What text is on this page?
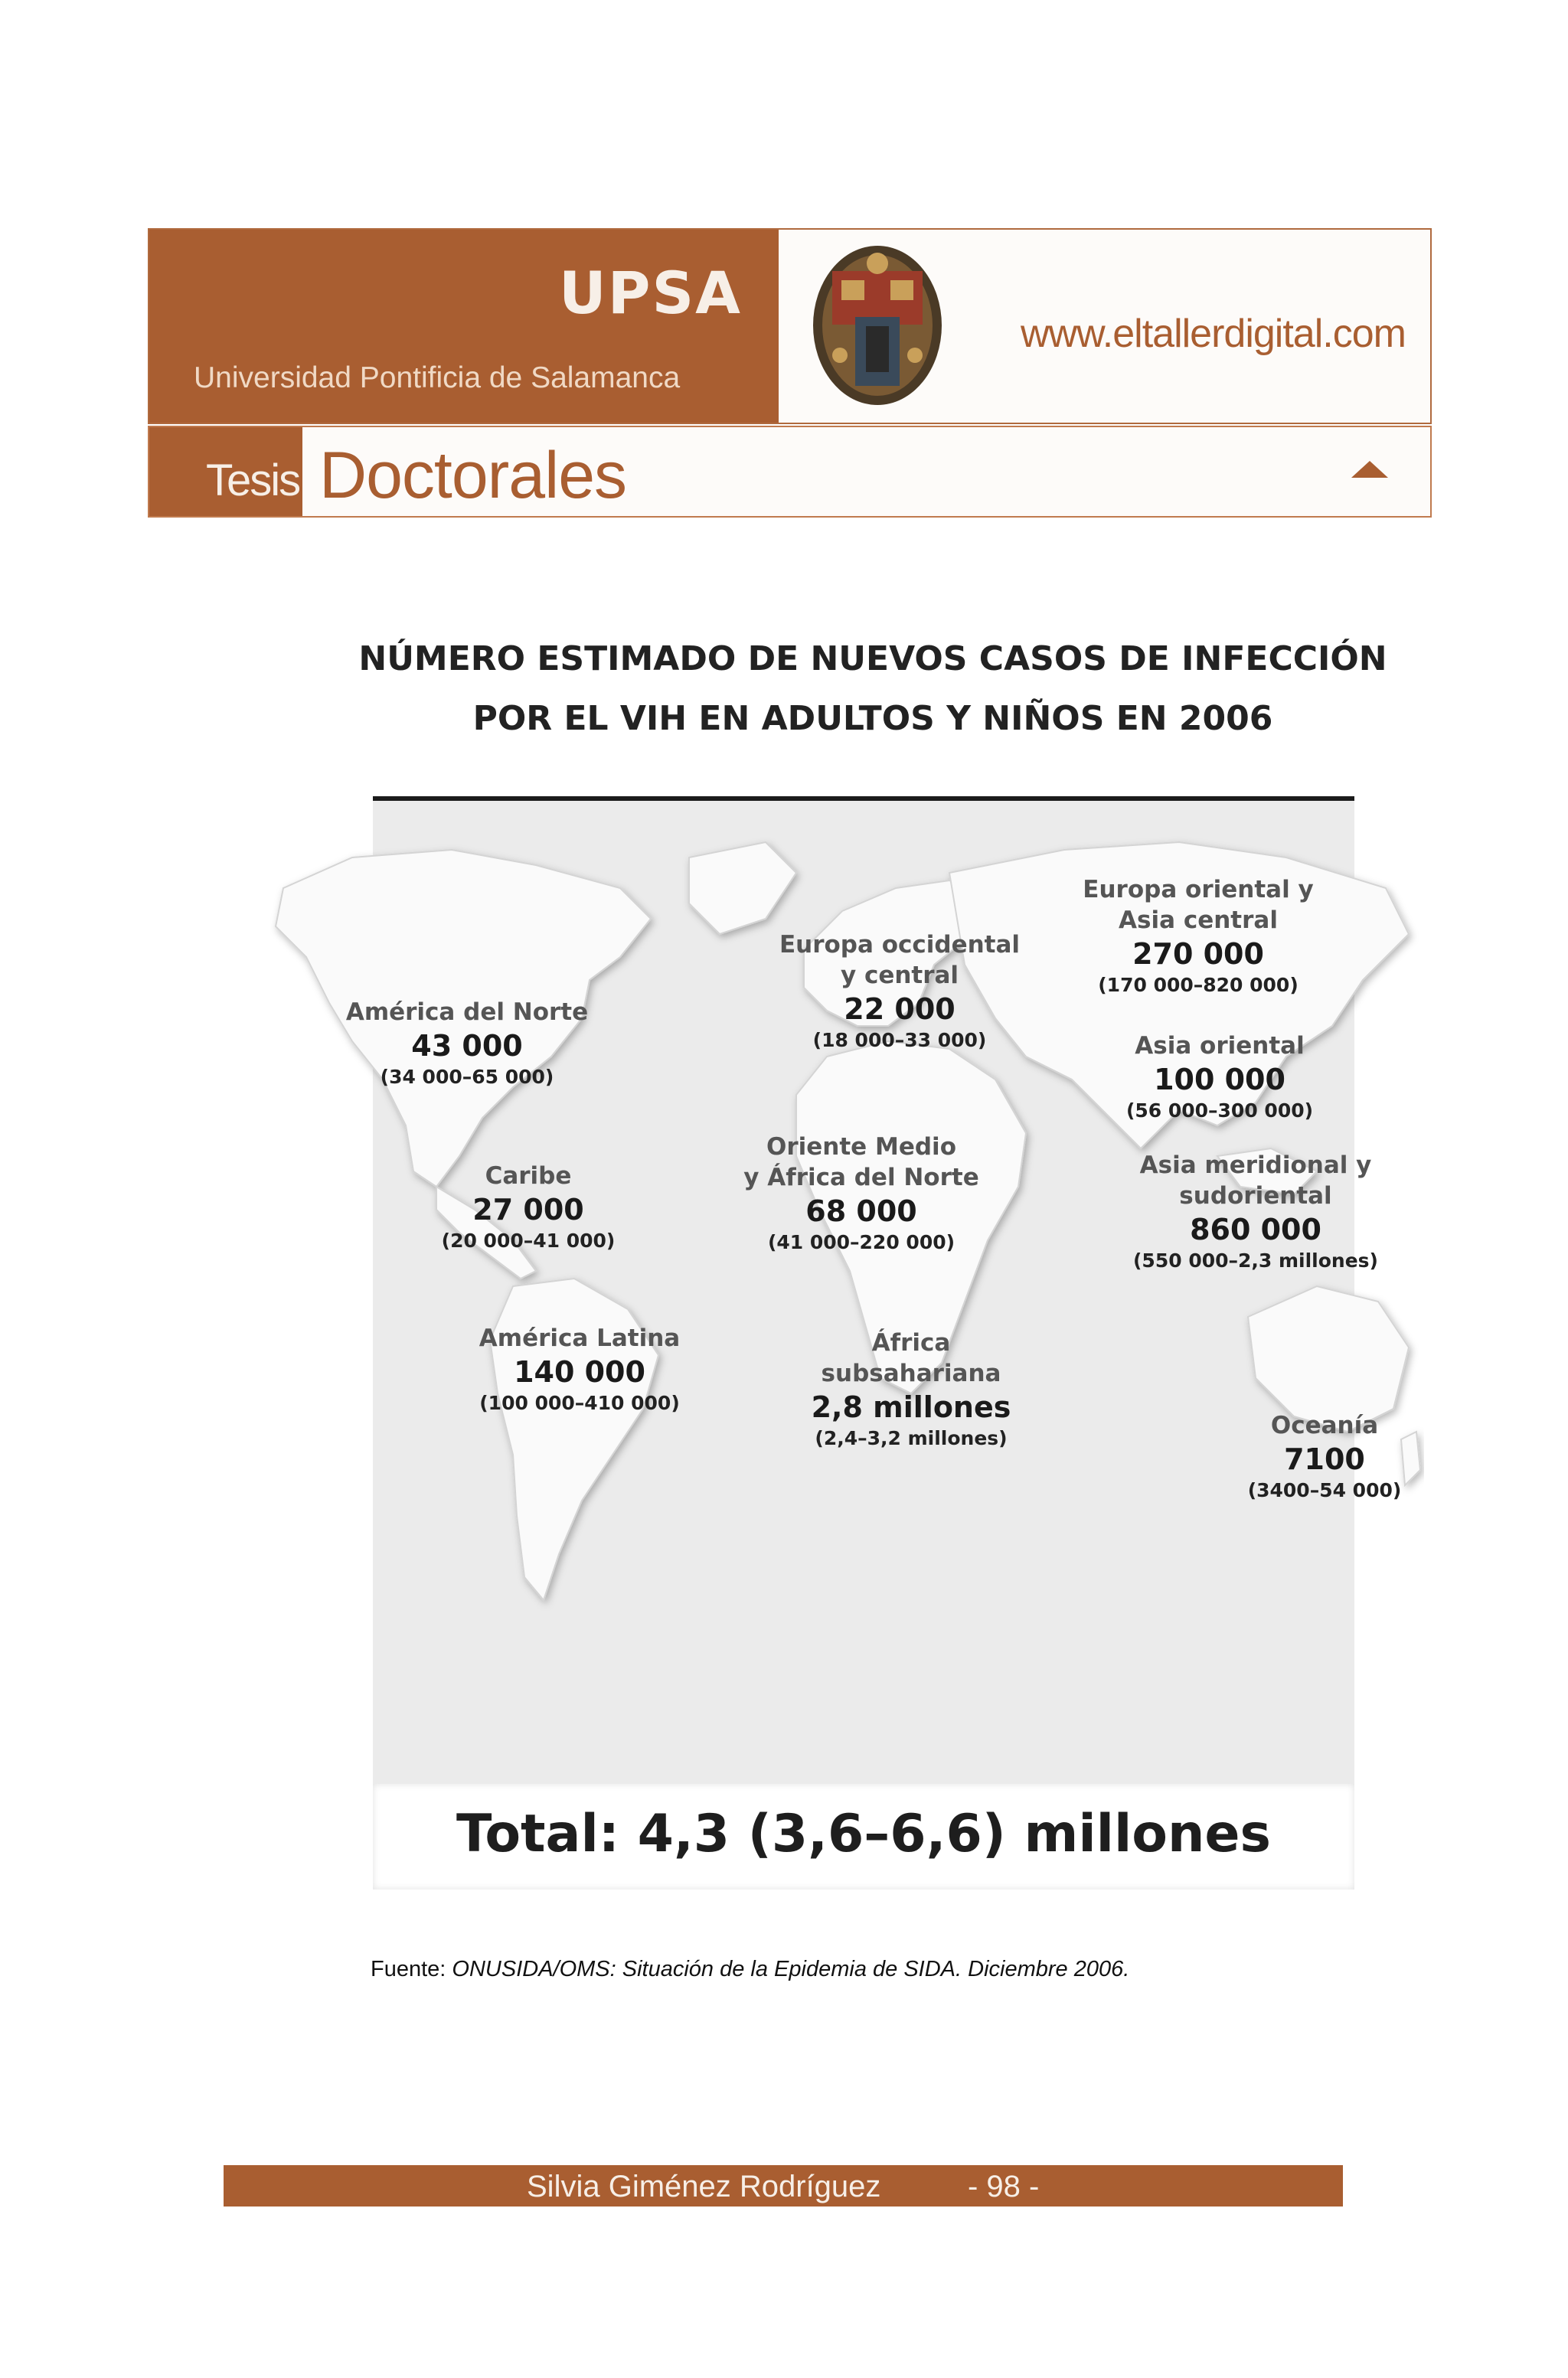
UPSA
Universidad Pontificia de Salamanca
www.eltallerdigital.com
Tesis Doctorales
NÚMERO ESTIMADO DE NUEVOS CASOS DE INFECCIÓN
POR EL VIH EN ADULTOS Y NIÑOS EN 2006
América del Norte
43 000
(34 000–65 000)
Caribe
27 000
(20 000–41 000)
América Latina
140 000
(100 000–410 000)
Europa occidental
y central
22 000
(18 000–33 000)
Oriente Medio
y África del Norte
68 000
(41 000–220 000)
África
subsahariana
2,8 millones
(2,4–3,2 millones)
Europa oriental y
Asia central
270 000
(170 000–820 000)
Asia oriental
100 000
(56 000–300 000)
Asia meridional y
sudoriental
860 000
(550 000–2,3 millones)
Oceanía
7100
(3400–54 000)
Total: 4,3 (3,6–6,6) millones
Fuente: ONUSIDA/OMS: Situación de la Epidemia de SIDA. Diciembre 2006.
Silvia Giménez Rodríguez	- 98 -
